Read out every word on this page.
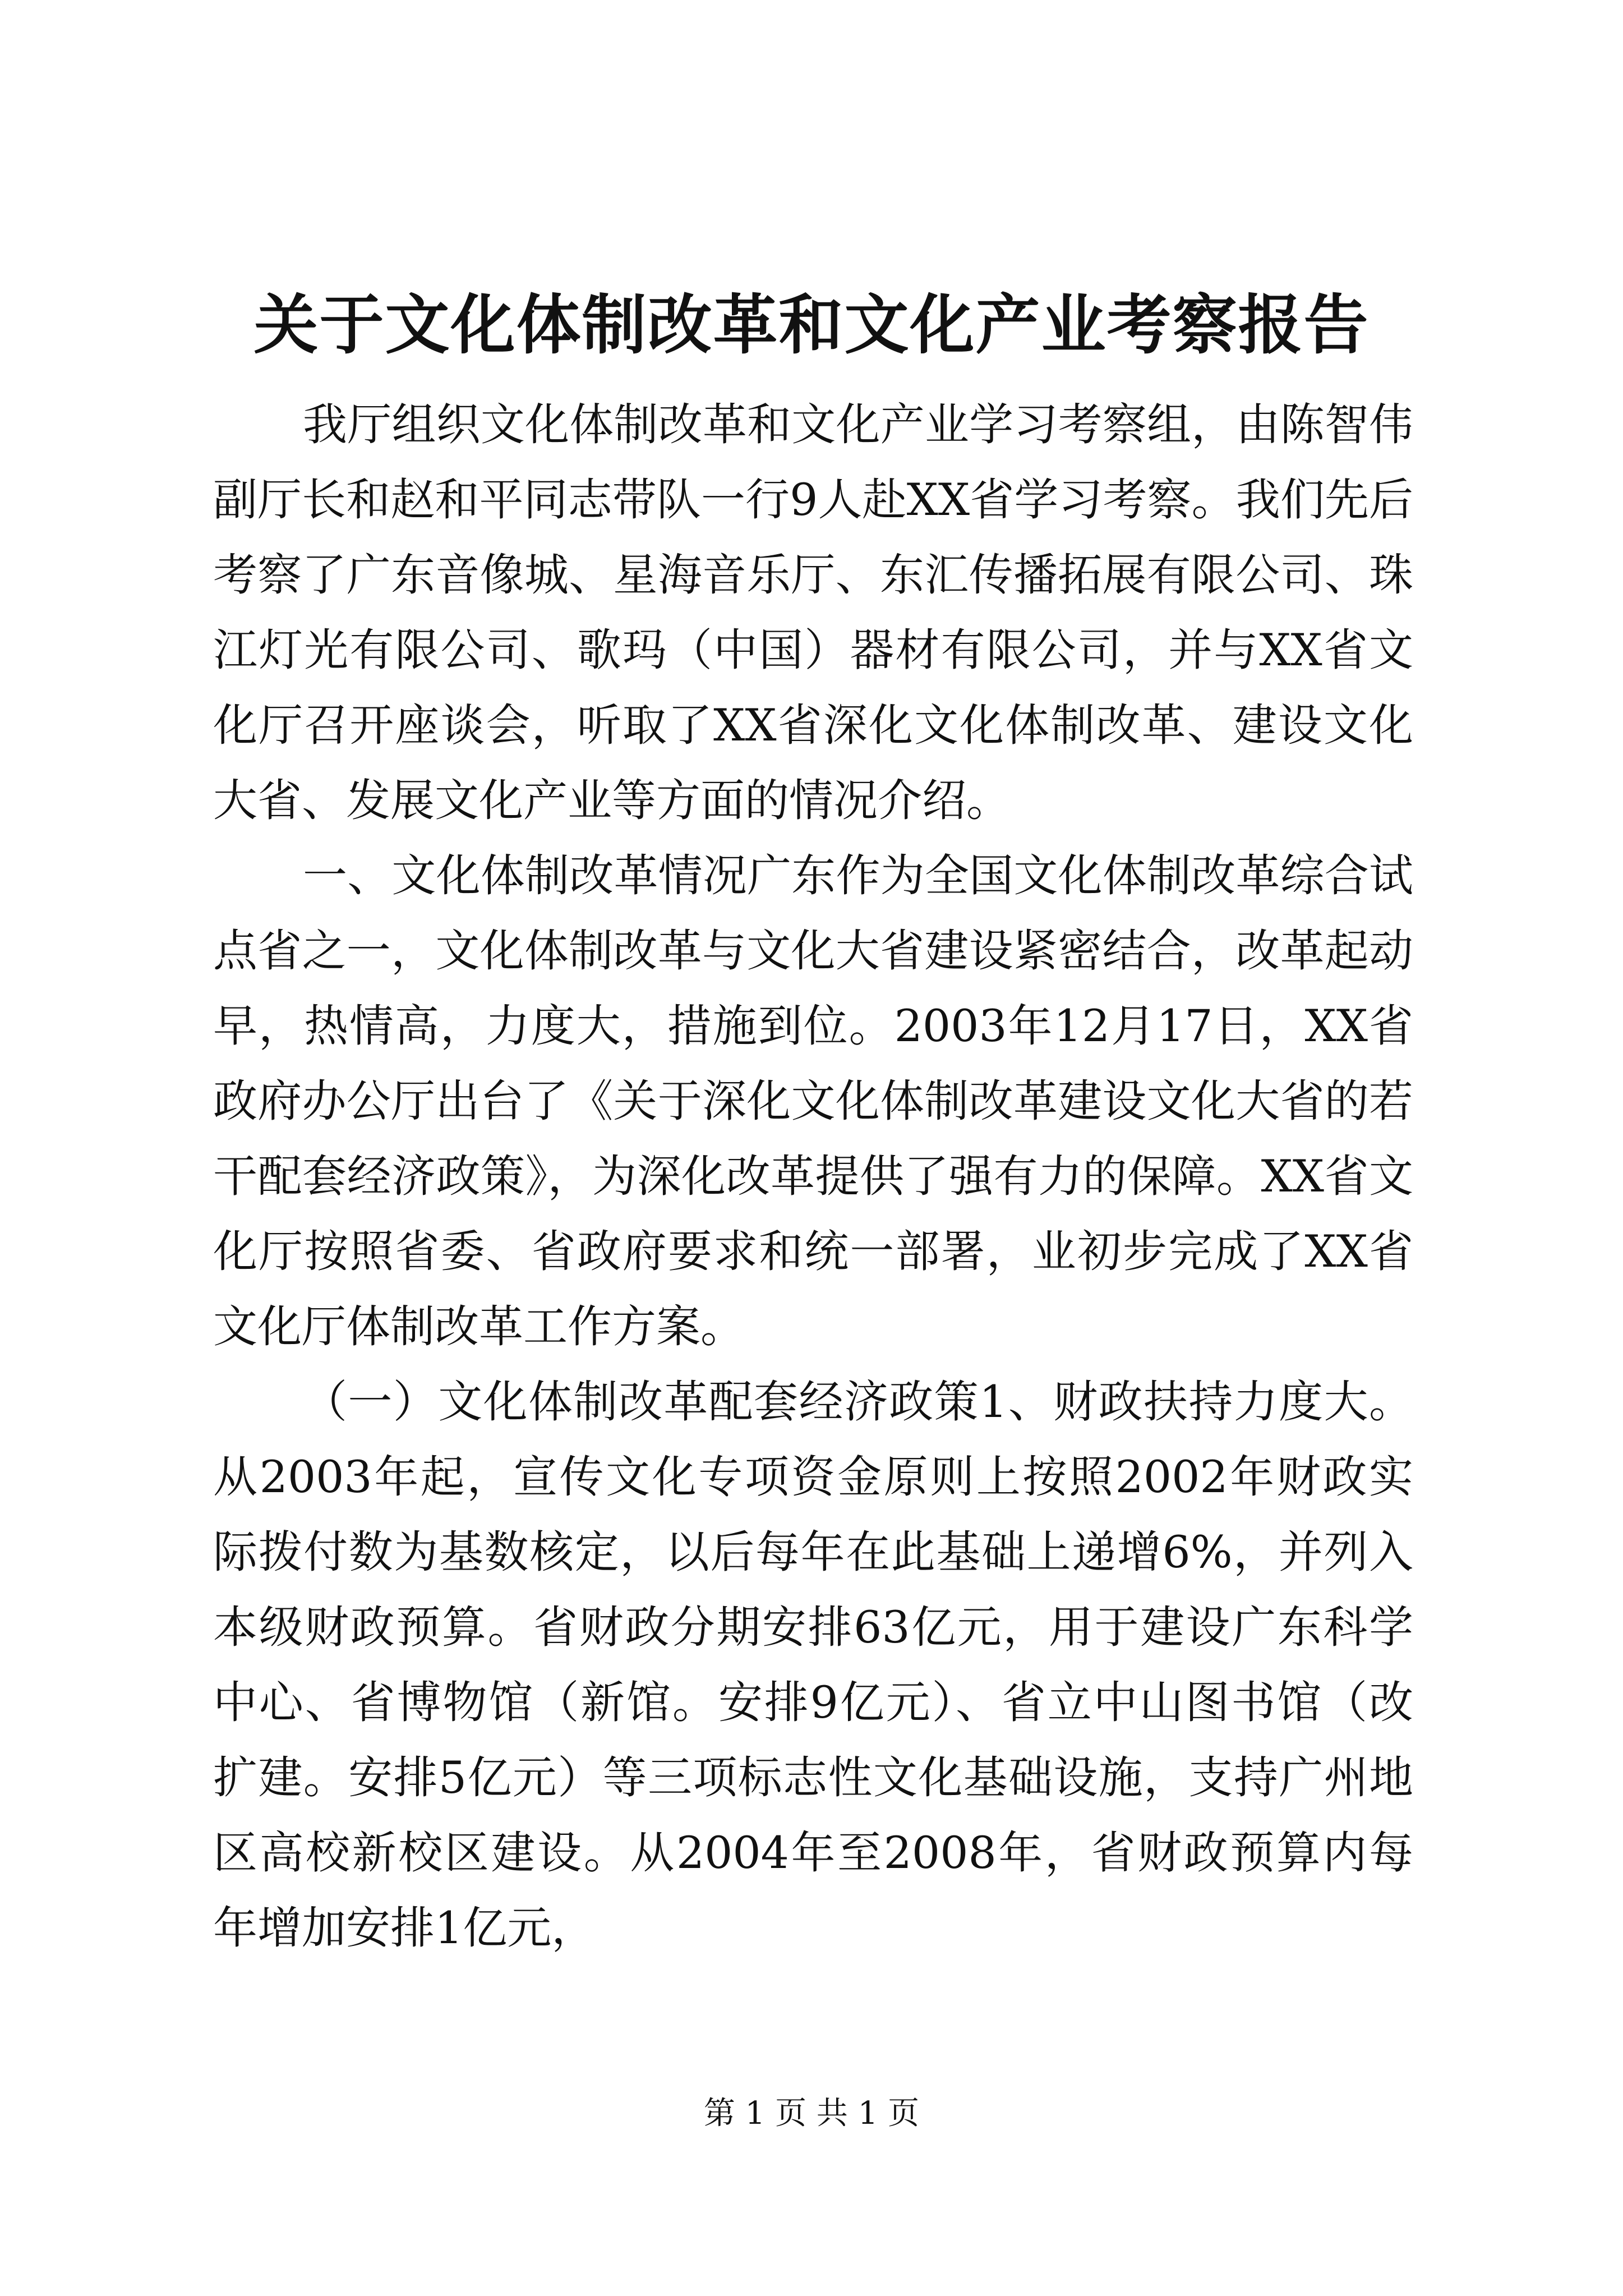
关于文化体制改革和文化产业考察报告

我厅组织文化体制改革和文化产业学习考察组，由陈智伟副厅长和赵和平同志带队一行9人赴XX省学习考察。我们先后考察了广东音像城、星海音乐厅、东汇传播拓展有限公司、珠江灯光有限公司、歌玛（中国）器材有限公司，并与XX省文化厅召开座谈会，听取了XX省深化文化体制改革、建设文化大省、发展文化产业等方面的情况介绍。

一、文化体制改革情况广东作为全国文化体制改革综合试点省之一，文化体制改革与文化大省建设紧密结合，改革起动早，热情高，力度大，措施到位。2003年12月17日，XX省政府办公厅出台了《关于深化文化体制改革建设文化大省的若干配套经济政策》，为深化改革提供了强有力的保障。XX省文化厅按照省委、省政府要求和统一部署，业初步完成了XX省文化厅体制改革工作方案。

（一）文化体制改革配套经济政策1、财政扶持力度大。从2003年起，宣传文化专项资金原则上按照2002年财政实际拨付数为基数核定，以后每年在此基础上递增6%，并列入本级财政预算。省财政分期安排63亿元，用于建设广东科学中心、省博物馆（新馆。安排9亿元）、省立中山图书馆（改扩建。安排5亿元）等三项标志性文化基础设施，支持广州地区高校新校区建设。从2004年至2008年，省财政预算内每年增加安排1亿元，

第 1 页 共 1 页
